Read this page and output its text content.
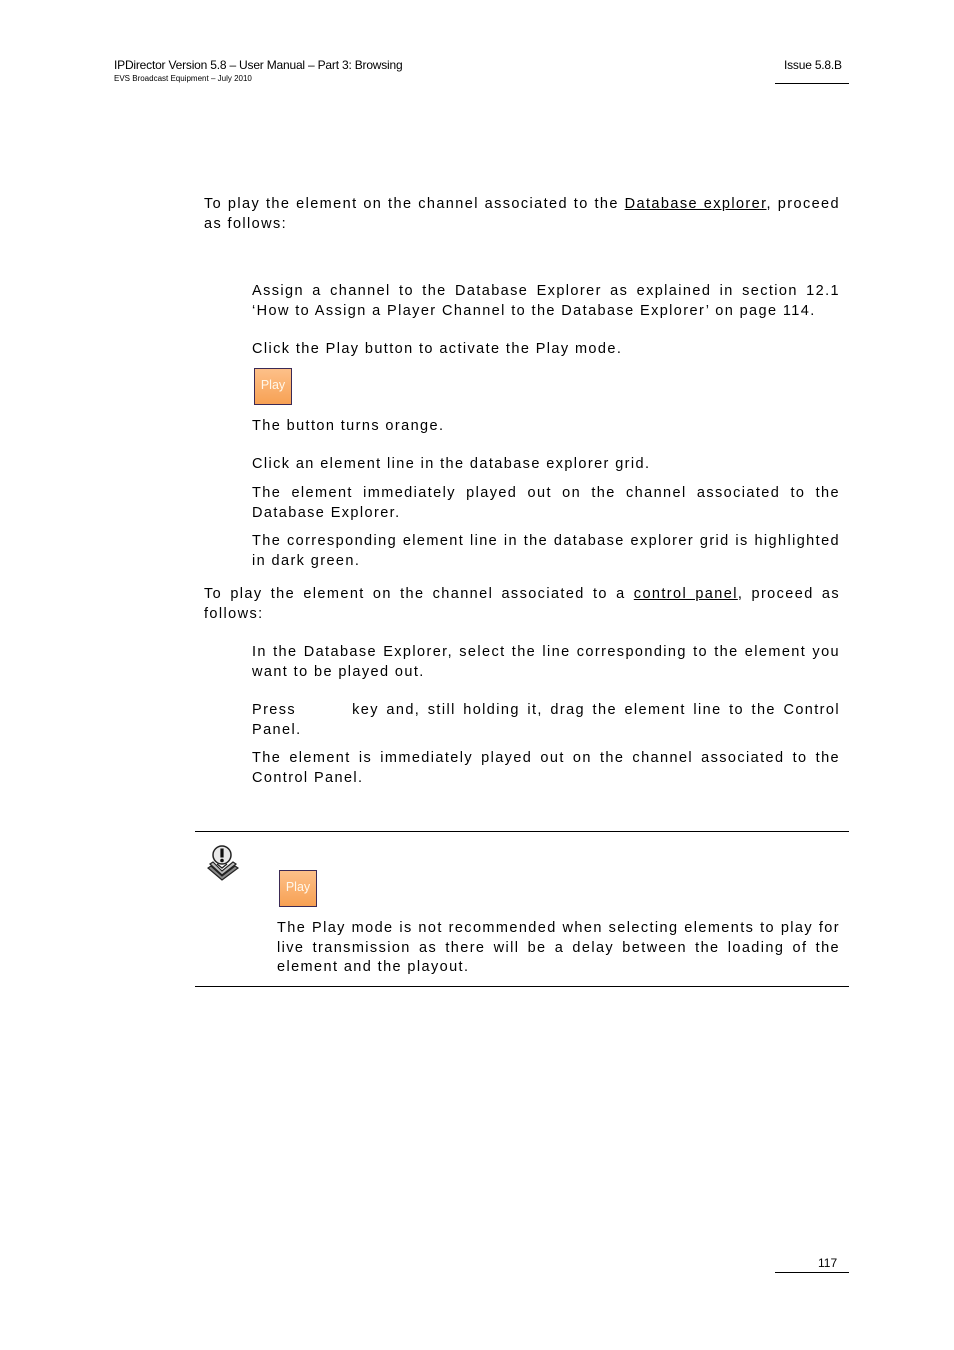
IPDirector Version 5.8 – User Manual – Part 3: Browsing
EVS Broadcast Equipment – July 2010
Issue 5.8.B
To play the element on the channel associated to the Database explorer, proceed as follows:
Assign a channel to the Database Explorer as explained in section 12.1 ‘How to Assign a Player Channel to the Database Explorer’ on page 114.
Click the Play button to activate the Play mode.
Play
The button turns orange.
Click an element line in the database explorer grid.
The element immediately played out on the channel associated to the Database Explorer.
The corresponding element line in the database explorer grid is highlighted in dark green.
To play the element on the channel associated to a control panel, proceed as follows:
In the Database Explorer, select the line corresponding to the element you want to be played out.
Press	key and, still holding it, drag the element line to the Control Panel.
The element is immediately played out on the channel associated to the Control Panel.
Play
The Play mode is not recommended when selecting elements to play for live transmission as there will be a delay between the loading of the element and the playout.
117
